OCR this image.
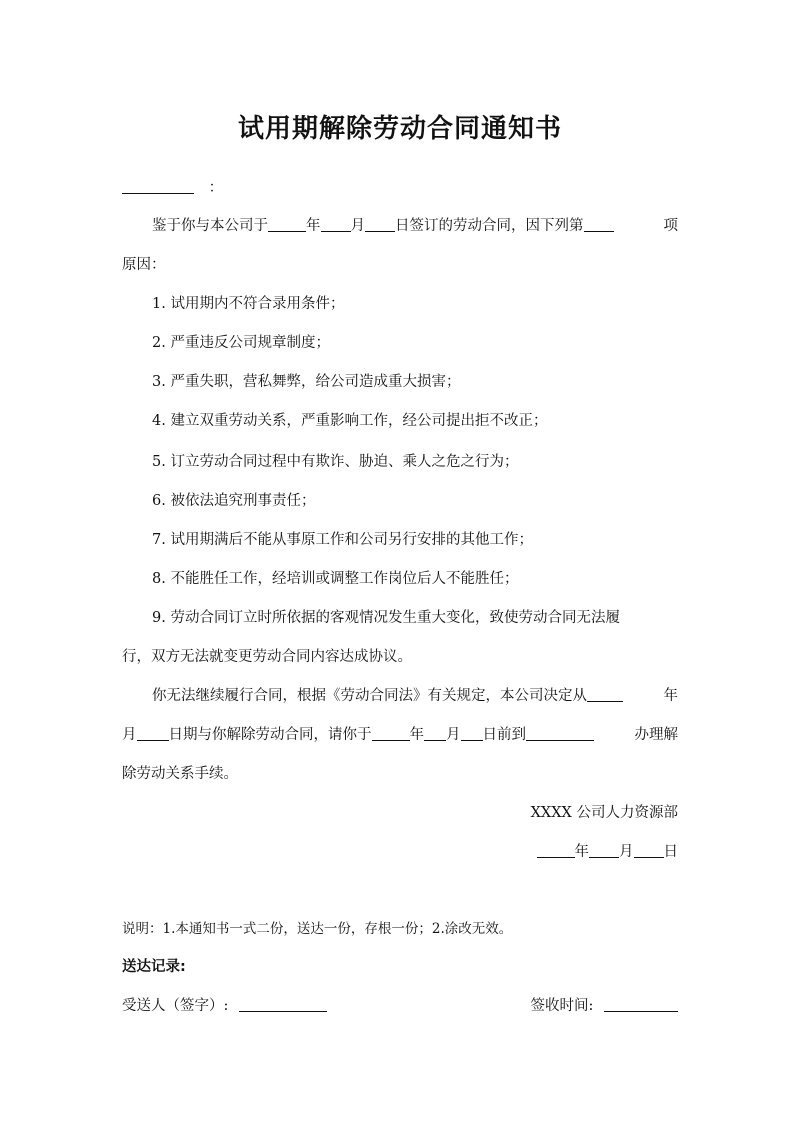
试用期解除劳动合同通知书
：
鉴于你与本公司于	年 月 日签订的劳动合同，因下列第	项
原因：
1. 试用期内不符合录用条件；
2. 严重违反公司规章制度；
3. 严重失职，营私舞弊，给公司造成重大损害；
4. 建立双重劳动关系，严重影响工作，经公司提出拒不改正；
5. 订立劳动合同过程中有欺诈、胁迫、乘人之危之行为；
6. 被依法追究刑事责任；
7. 试用期满后不能从事原工作和公司另行安排的其他工作；
8. 不能胜任工作，经培训或调整工作岗位后人不能胜任；
9. 劳动合同订立时所依据的客观情况发生重大变化，致使劳动合同无法履
行，双方无法就变更劳动合同内容达成协议。
你无法继续履行合同，根据《劳动合同法》有关规定，本公司决定从	年
月 日期与你解除劳动合同，请你于	年 月 日前到	办理解
除劳动关系手续。
XXXX 公司人力资源部
年 月 日
说明：1.本通知书一式二份，送达一份，存根一份；2.涂改无效。
送达记录:
受送人（签字）:	签收时间:
